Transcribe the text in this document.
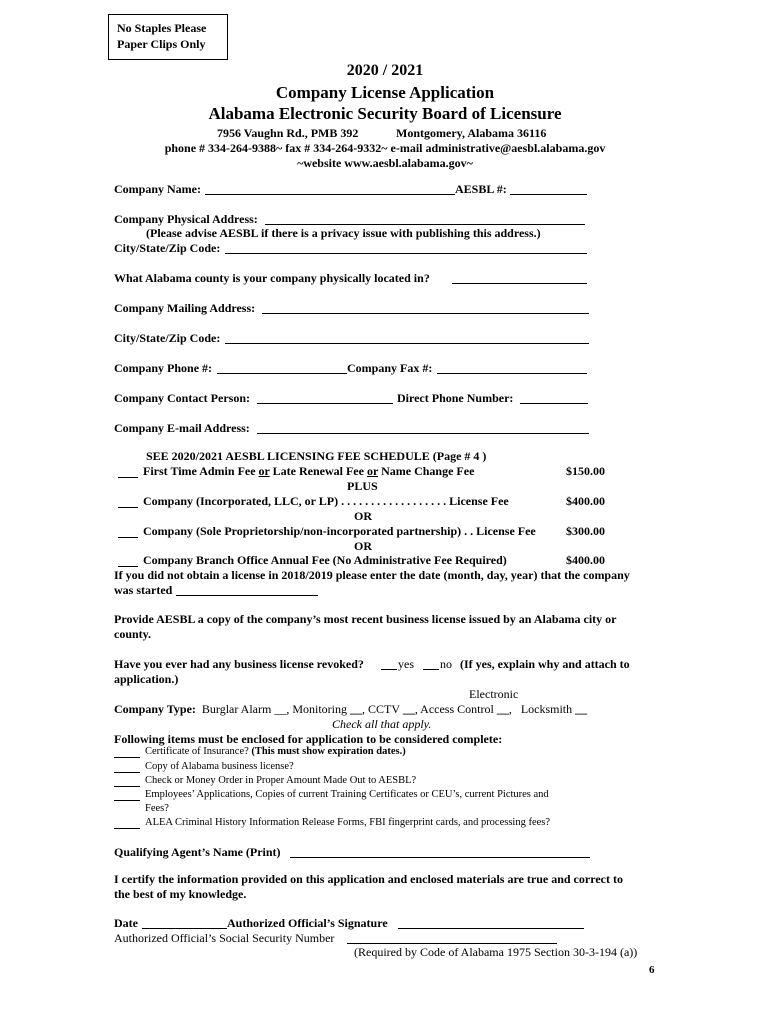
No Staples Please
Paper Clips Only
2020 / 2021
Company License Application
Alabama Electronic Security Board of Licensure
7956 Vaughn Rd., PMB 392	Montgomery, Alabama 36116
phone # 334-264-9388~ fax # 334-264-9332~ e-mail administrative@aesbl.alabama.gov
~website www.aesbl.alabama.gov~
Company Name:	AESBL #:
Company Physical Address:
(Please advise AESBL if there is a privacy issue with publishing this address.)
City/State/Zip Code:
What Alabama county is your company physically located in?
Company Mailing Address:
City/State/Zip Code:
Company Phone #:	Company Fax #:
Company Contact Person:	Direct Phone Number:
Company E-mail Address:
SEE 2020/2021 AESBL LICENSING FEE SCHEDULE (Page # 4 )
First Time Admin Fee or Late Renewal Fee or Name Change Fee	$150.00
PLUS
Company (Incorporated, LLC, or LP) . . . . . . . . . . . . . . . . . . License Fee	$400.00
OR
Company (Sole Proprietorship/non-incorporated partnership) . . License Fee	$300.00
OR
Company Branch Office Annual Fee (No Administrative Fee Required)	$400.00
If you did not obtain a license in 2018/2019 please enter the date (month, day, year) that the company
was started
Provide AESBL a copy of the company’s most recent business license issued by an Alabama city or
county.
Have you ever had any business license revoked?	yes no (If yes, explain why and attach to
application.)
Electronic
Company Type: Burglar Alarm __, Monitoring __, CCTV __, Access Control __,   Locksmith __
Check all that apply.
Following items must be enclosed for application to be considered complete:
Certificate of Insurance? (This must show expiration dates.)
Copy of Alabama business license?
Check or Money Order in Proper Amount Made Out to AESBL?
Employees’ Applications, Copies of current Training Certificates or CEU’s, current Pictures and
Fees?
ALEA Criminal History Information Release Forms, FBI fingerprint cards, and processing fees?
Qualifying Agent’s Name (Print)
I certify the information provided on this application and enclosed materials are true and correct to
the best of my knowledge.
Date	Authorized Official’s Signature
Authorized Official’s Social Security Number
(Required by Code of Alabama 1975 Section 30-3-194 (a))
6
